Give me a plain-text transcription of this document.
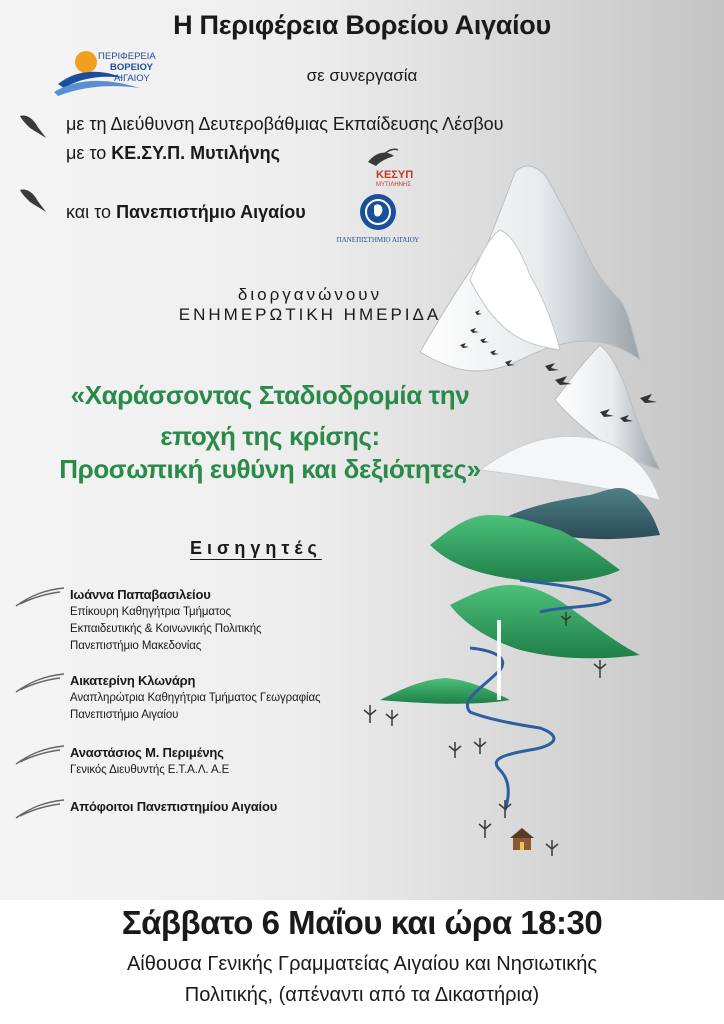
Η Περιφέρεια Βορείου Αιγαίου

ΠΕΡΙΦΕΡΕΙΑ
ΒΟΡΕΙΟΥ
ΑΙΓΑΙΟΥ	σε συνεργασία

με τη Διεύθυνση Δευτεροβάθμιας Εκπαίδευσης Λέσβου

με το ΚΕ.ΣΥ.Π. Μυτιλήνης

και το Πανεπιστήμιο Αιγαίου

ΚΕΣΥΠ
ΜΥΤΙΛΗΝΗΣ
ΠΑΝΕΠΙΣΤΗΜΙΟ ΑΙΓΑΙΟΥ

διοργανώνουν

ΕΝΗΜΕΡΩΤΙΚΗ ΗΜΕΡΙΔΑ

«Χαράσσοντας Σταδιοδρομία την

εποχή της κρίσης:

Προσωπική ευθύνη και δεξιότητες»

Εισηγητές

Ιωάννα Παπαβασιλείου

Επίκουρη Καθηγήτρια Τμήματος

Εκπαιδευτικής & Κοινωνικής Πολιτικής

Πανεπιστήμιο Μακεδονίας

Αικατερίνη Κλωνάρη

Αναπληρώτρια Καθηγήτρια Τμήματος Γεωγραφίας

Πανεπιστήμιο Αιγαίου

Αναστάσιος Μ. Περιμένης

Γενικός Διευθυντής Ε.Τ.Α.Λ. Α.Ε

Απόφοιτοι Πανεπιστημίου Αιγαίου

Σάββατο 6 Μαΐου και ώρα 18:30

Αίθουσα Γενικής Γραμματείας Αιγαίου και Νησιωτικής

Πολιτικής, (απέναντι από τα Δικαστήρια)
